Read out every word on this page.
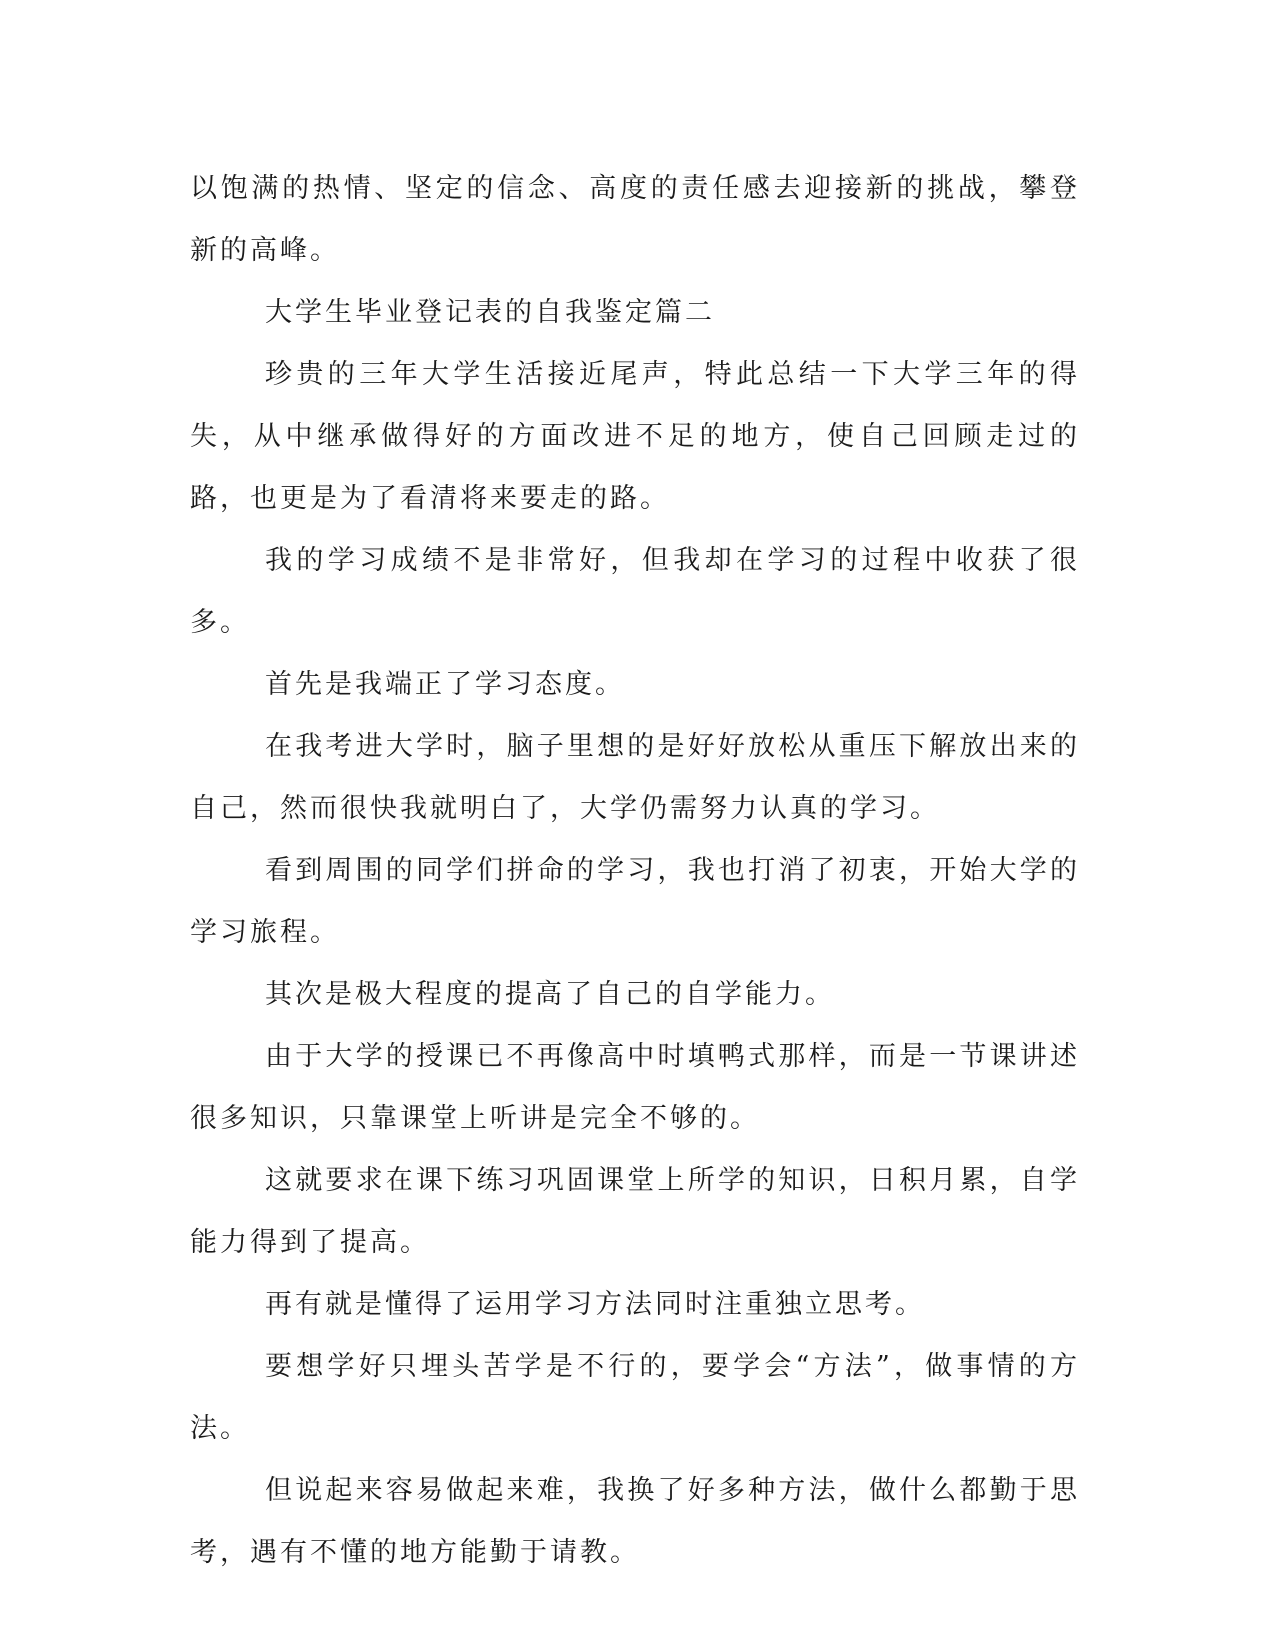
以饱满的热情、坚定的信念、高度的责任感去迎接新的挑战，攀登新的高峰。

大学生毕业登记表的自我鉴定篇二

珍贵的三年大学生活接近尾声，特此总结一下大学三年的得失，从中继承做得好的方面改进不足的地方，使自己回顾走过的路，也更是为了看清将来要走的路。

我的学习成绩不是非常好，但我却在学习的过程中收获了很多。

首先是我端正了学习态度。

在我考进大学时，脑子里想的是好好放松从重压下解放出来的自己，然而很快我就明白了，大学仍需努力认真的学习。

看到周围的同学们拼命的学习，我也打消了初衷，开始大学的学习旅程。

其次是极大程度的提高了自己的自学能力。

由于大学的授课已不再像高中时填鸭式那样，而是一节课讲述很多知识，只靠课堂上听讲是完全不够的。

这就要求在课下练习巩固课堂上所学的知识，日积月累，自学能力得到了提高。

再有就是懂得了运用学习方法同时注重独立思考。

要想学好只埋头苦学是不行的，要学会“方法”，做事情的方法。

但说起来容易做起来难，我换了好多种方法，做什么都勤于思考，遇有不懂的地方能勤于请教。
